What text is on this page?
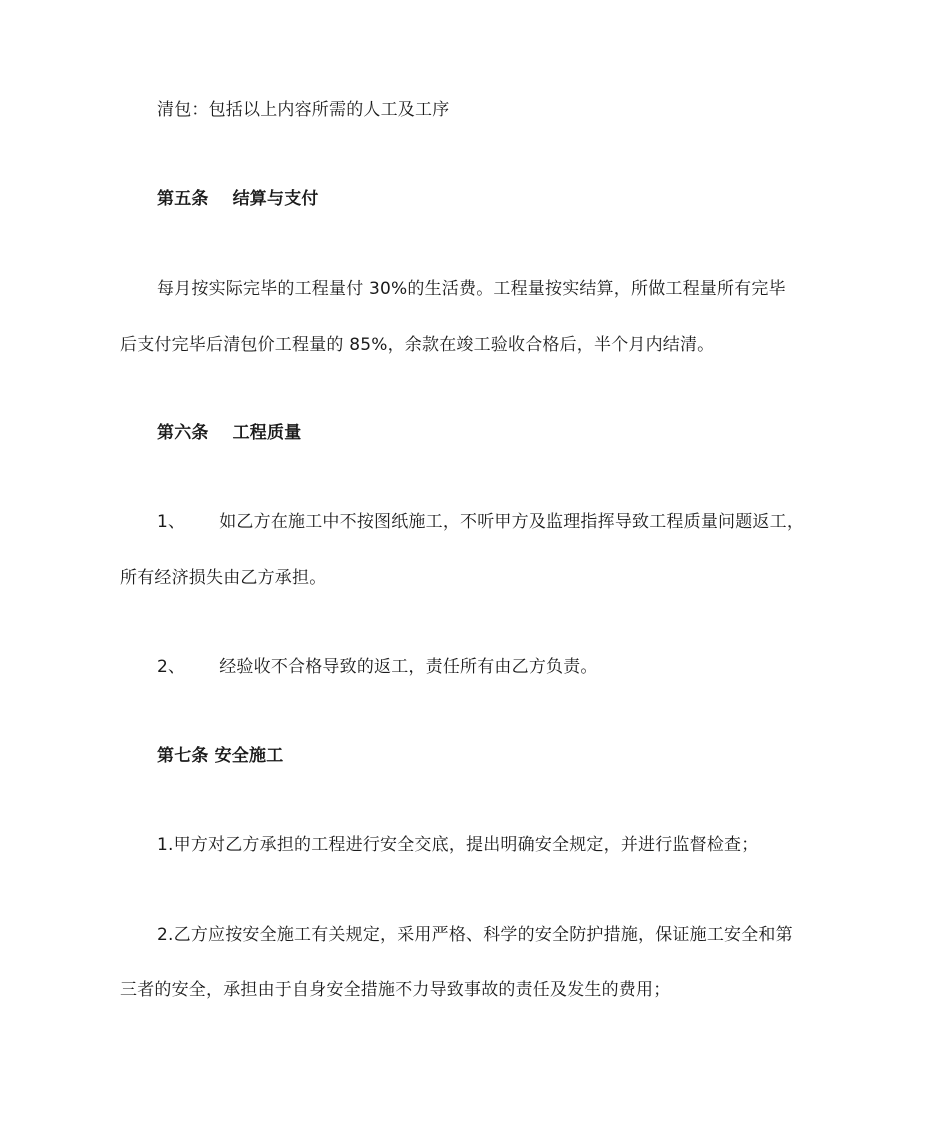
清包：包括以上内容所需的人工及工序
第五条 结算与支付
每月按实际完毕的工程量付 30%的生活费。工程量按实结算，所做工程量所有完毕
后支付完毕后清包价工程量的 85%，余款在竣工验收合格后，半个月内结清。
第六条 工程质量
1、 如乙方在施工中不按图纸施工，不听甲方及监理指挥导致工程质量问题返工，
所有经济损失由乙方承担。
2、 经验收不合格导致的返工，责任所有由乙方负责。
第七条 安全施工
1.甲方对乙方承担的工程进行安全交底，提出明确安全规定，并进行监督检查；
2.乙方应按安全施工有关规定，采用严格、科学的安全防护措施，保证施工安全和第
三者的安全，承担由于自身安全措施不力导致事故的责任及发生的费用；
